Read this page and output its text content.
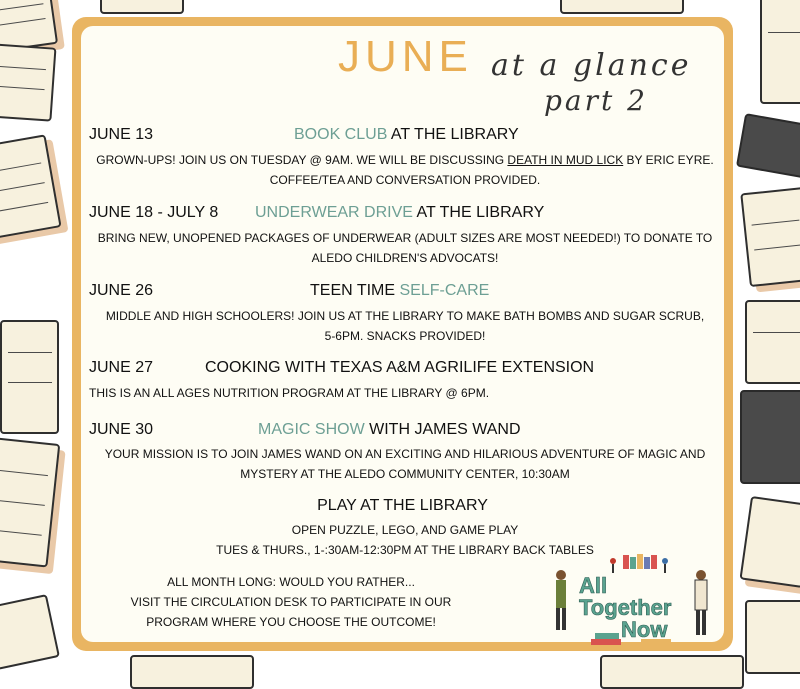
JUNE at a glance
part 2
JUNE 13	BOOK CLUB AT THE LIBRARY
GROWN-UPS! JOIN US ON TUESDAY @ 9AM. WE WILL BE DISCUSSING DEATH IN MUD LICK BY ERIC EYRE.
COFFEE/TEA AND CONVERSATION PROVIDED.
JUNE 18 - JULY 8 UNDERWEAR DRIVE AT THE LIBRARY
BRING NEW, UNOPENED PACKAGES OF UNDERWEAR (ADULT SIZES ARE MOST NEEDED!) TO DONATE TO
ALEDO CHILDREN'S ADVOCATS!
JUNE 26	TEEN TIME SELF-CARE
MIDDLE AND HIGH SCHOOLERS! JOIN US AT THE LIBRARY TO MAKE BATH BOMBS AND SUGAR SCRUB,
5-6PM. SNACKS PROVIDED!
JUNE 27	COOKING WITH TEXAS A&M AGRILIFE EXTENSION
THIS IS AN ALL AGES NUTRITION PROGRAM AT THE LIBRARY @ 6PM.
JUNE 30	MAGIC SHOW WITH JAMES WAND
YOUR MISSION IS TO JOIN JAMES WAND ON AN EXCITING AND HILARIOUS ADVENTURE OF MAGIC AND
MYSTERY AT THE ALEDO COMMUNITY CENTER, 10:30AM
PLAY AT THE LIBRARY
OPEN PUZZLE, LEGO, AND GAME PLAY
TUES & THURS., 1-:30AM-12:30PM AT THE LIBRARY BACK TABLES
ALL MONTH LONG: WOULD YOU RATHER...
VISIT THE CIRCULATION DESK TO PARTICIPATE IN OUR
PROGRAM WHERE YOU CHOOSE THE OUTCOME!
All
Together
Now
